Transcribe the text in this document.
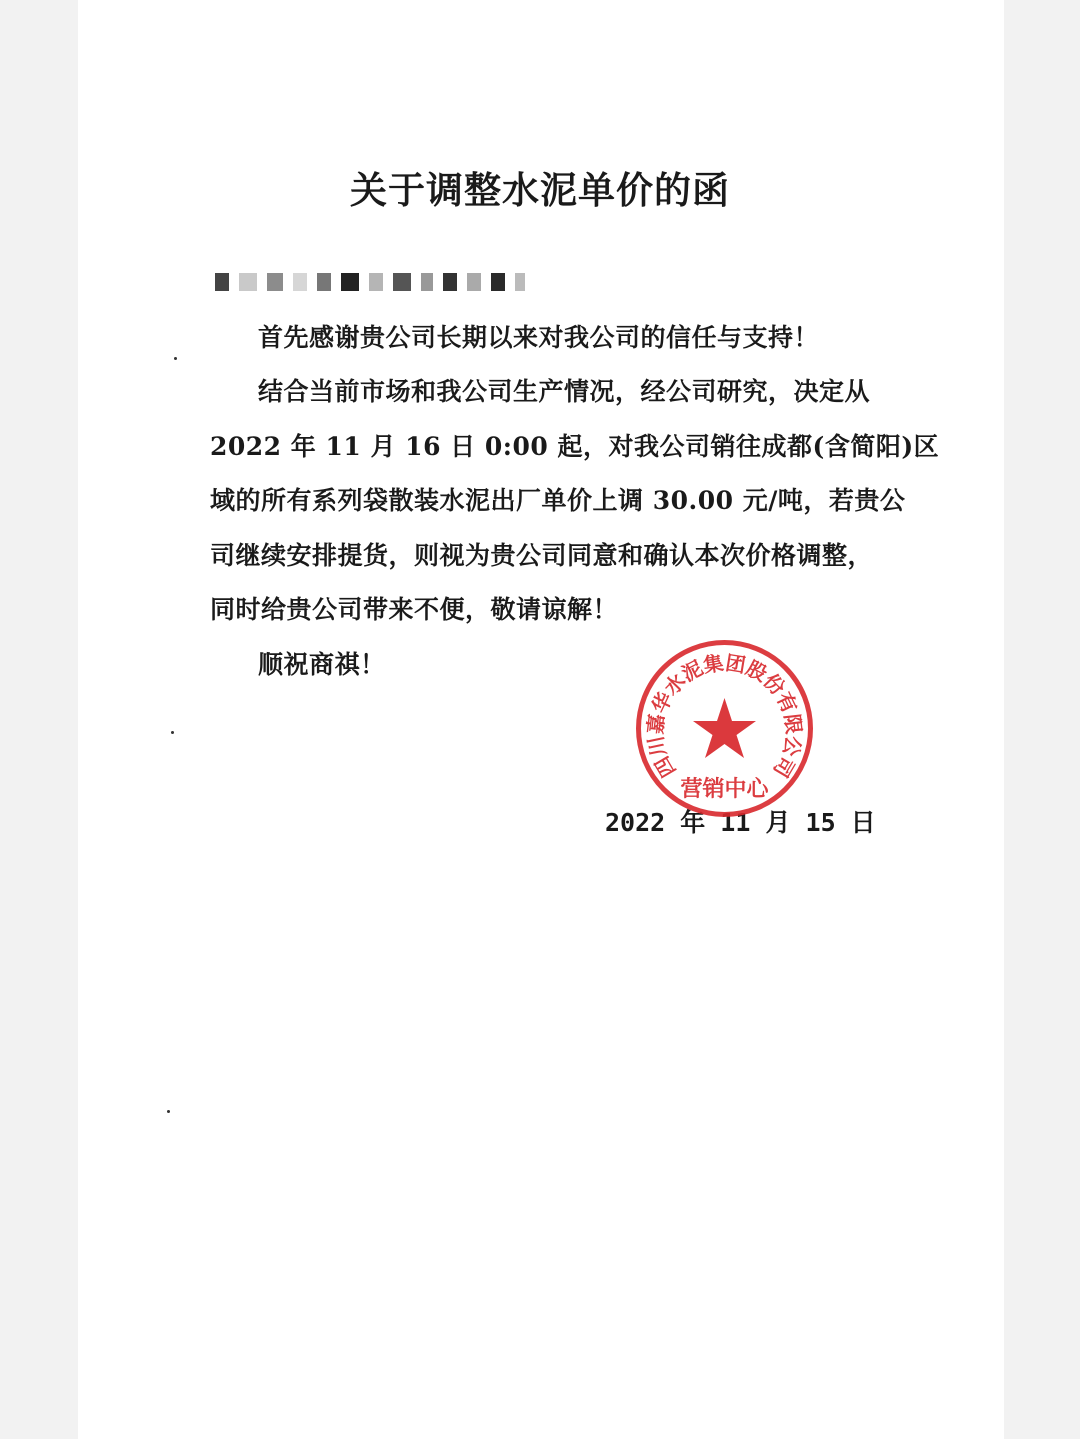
关于调整水泥单价的函
首先感谢贵公司长期以来对我公司的信任与支持！
结合当前市场和我公司生产情况，经公司研究，决定从
2022 年 11 月 16 日 0:00 起，对我公司销往成都(含简阳)区
域的所有系列袋散装水泥出厂单价上调 30.00 元/吨，若贵公
司继续安排提货，则视为贵公司同意和确认本次价格调整，
同时给贵公司带来不便，敬请谅解！
顺祝商祺！
2022 年 11 月 15 日
四川嘉华水泥集团股份有限公司
营销中心
